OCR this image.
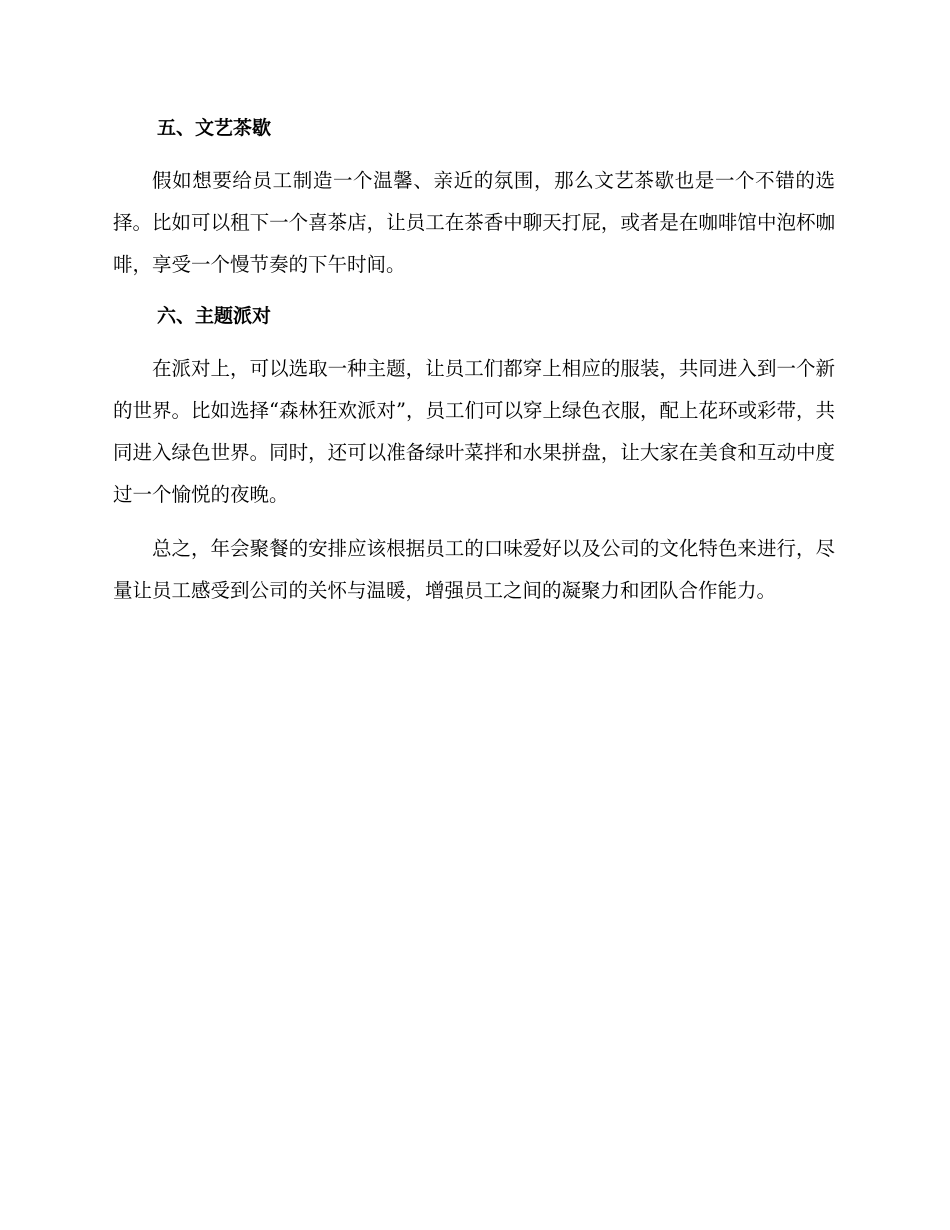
五、文艺茶歇

假如想要给员工制造一个温馨、亲近的氛围，那么文艺茶歇也是一个不错的选择。比如可以租下一个喜茶店，让员工在茶香中聊天打屁，或者是在咖啡馆中泡杯咖啡，享受一个慢节奏的下午时间。

六、主题派对

在派对上，可以选取一种主题，让员工们都穿上相应的服装，共同进入到一个新的世界。比如选择“森林狂欢派对”，员工们可以穿上绿色衣服，配上花环或彩带，共同进入绿色世界。同时，还可以准备绿叶菜拌和水果拼盘，让大家在美食和互动中度过一个愉悦的夜晚。

总之，年会聚餐的安排应该根据员工的口味爱好以及公司的文化特色来进行，尽量让员工感受到公司的关怀与温暖，增强员工之间的凝聚力和团队合作能力。
